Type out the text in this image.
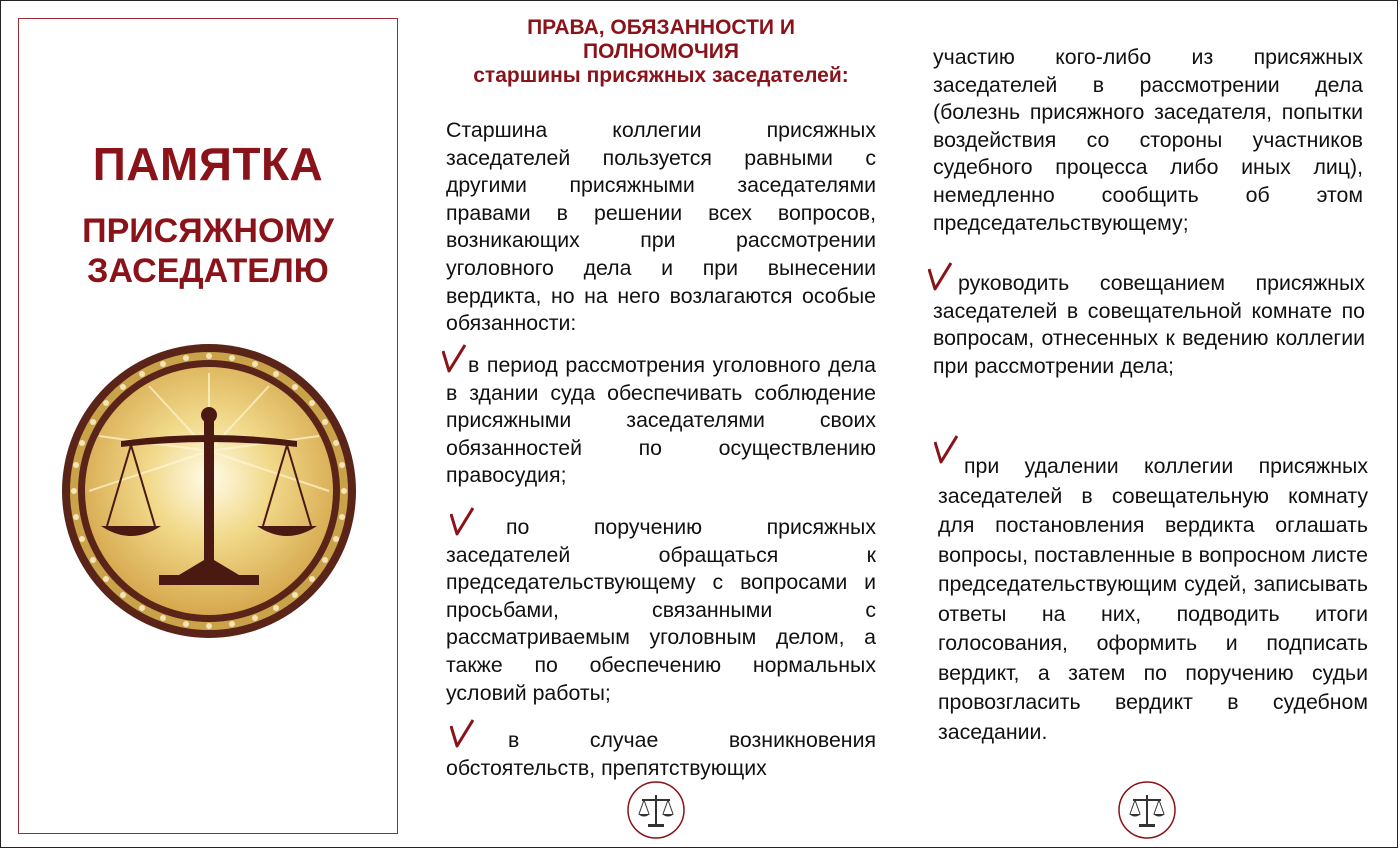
ПАМЯТКА
ПРИСЯЖНОМУ
ЗАСЕДАТЕЛЮ
ПРАВА, ОБЯЗАННОСТИ И
ПОЛНОМОЧИЯ
старшины присяжных заседателей:

Старшина коллегии присяжных заседателей пользуется равными с другими присяжными заседателями правами в решении всех вопросов, возникающих при рассмотрении уголовного дела и при вынесении вердикта, но на него возлагаются особые обязанности:

в период рассмотрения уголовного дела в здании суда обеспечивать соблюдение присяжными заседателями своих обязанностей по осуществлению правосудия;

по поручению присяжных заседателей обращаться к председательствующему с вопросами и просьбами, связанными с рассматриваемым уголовным делом, а также по обеспечению нормальных условий работы;

в случае возникновения обстоятельств, препятствующих

участию кого-либо из присяжных заседателей в рассмотрении дела (болезнь присяжного заседателя, попытки воздействия со стороны участников судебного процесса либо иных лиц), немедленно сообщить об этом председательствующему;

руководить совещанием присяжных заседателей в совещательной комнате по вопросам, отнесенных к ведению коллегии при рассмотрении дела;

при удалении коллегии присяжных заседателей в совещательную комнату для постановления вердикта оглашать вопросы, поставленные в вопросном листе председательствующим судей, записывать ответы на них, подводить итоги голосования, оформить и подписать вердикт, а затем по поручению судьи провозгласить вердикт в судебном заседании.
